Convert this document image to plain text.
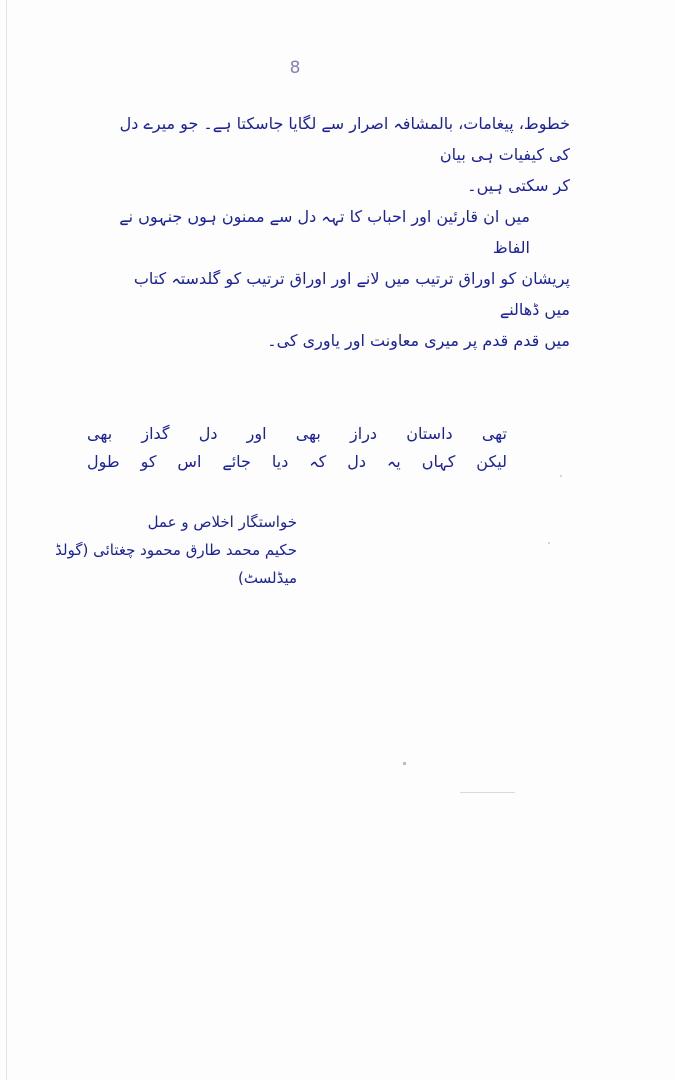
8

خطوط، پیغامات، بالمشافہ اصرار سے لگایا جاسکتا ہے۔ جو میرے دل کی کیفیات ہی بیان

کر سکتی ہیں۔

میں ان قارئین اور احباب کا تہہ دل سے ممنون ہوں جنہوں نے الفاظ

پریشان کو اوراق ترتیب میں لانے اور اوراق ترتیب کو گلدستہ کتاب میں ڈھالنے

میں قدم قدم پر میری معاونت اور یاوری کی۔

تھی داستان دراز بھی اور دل گداز بھی
لیکن کہاں یہ دل کہ دیا جائے اس کو طول
خواستگار اخلاص و عمل
حکیم محمد طارق محمود چغتائی (گولڈ میڈلسٹ)
